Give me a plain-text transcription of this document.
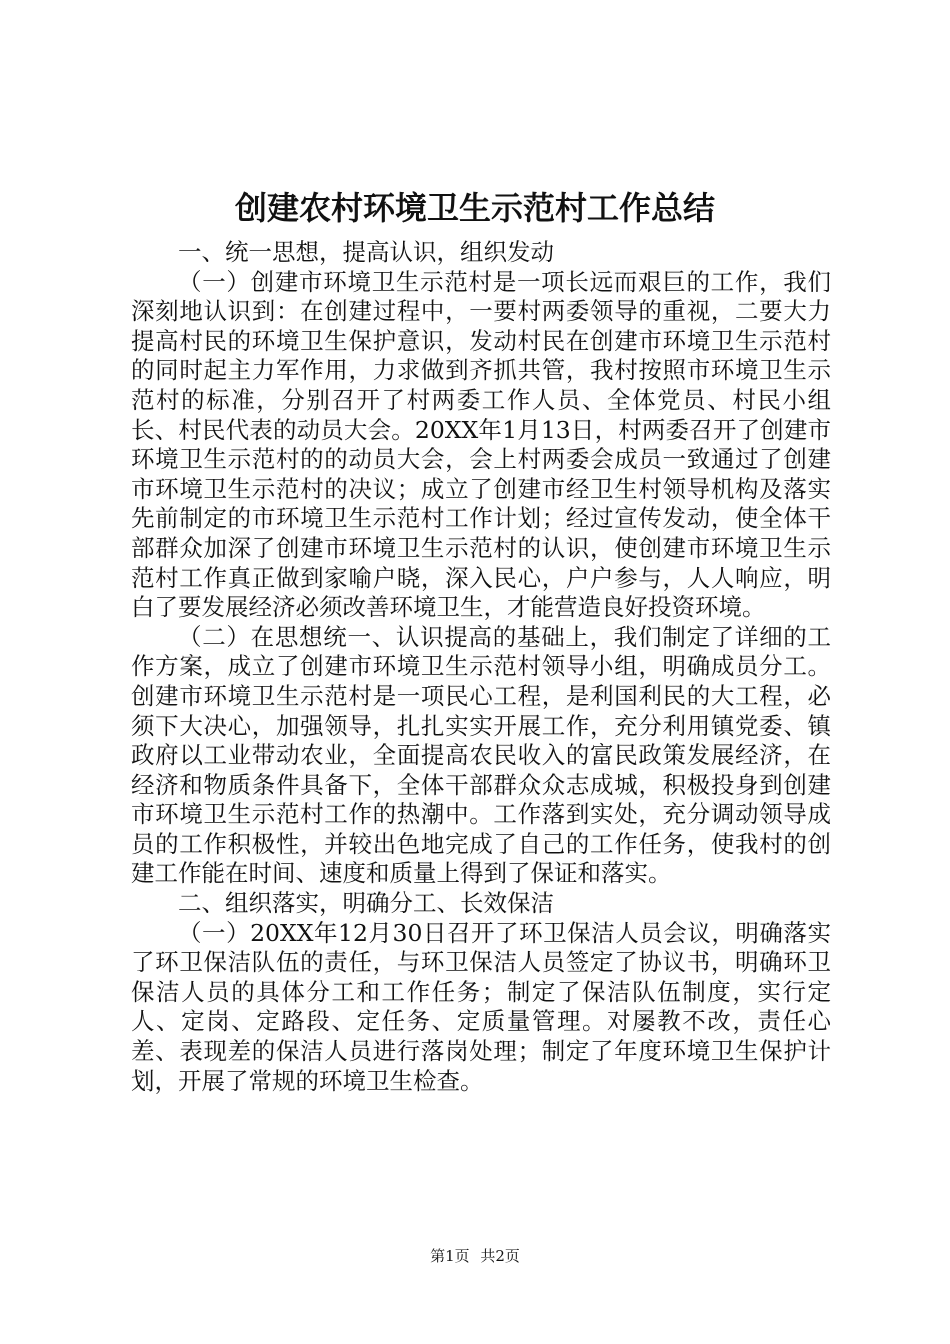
创建农村环境卫生示范村工作总结

一、统一思想，提高认识，组织发动

（一）创建市环境卫生示范村是一项长远而艰巨的工作，我们深刻地认识到：在创建过程中，一要村两委领导的重视，二要大力提高村民的环境卫生保护意识，发动村民在创建市环境卫生示范村的同时起主力军作用，力求做到齐抓共管，我村按照市环境卫生示范村的标准，分别召开了村两委工作人员、全体党员、村民小组长、村民代表的动员大会。20XX年1月13日，村两委召开了创建市环境卫生示范村的的动员大会，会上村两委会成员一致通过了创建市环境卫生示范村的决议；成立了创建市经卫生村领导机构及落实先前制定的市环境卫生示范村工作计划；经过宣传发动，使全体干部群众加深了创建市环境卫生示范村的认识，使创建市环境卫生示范村工作真正做到家喻户晓，深入民心，户户参与，人人响应，明白了要发展经济必须改善环境卫生，才能营造良好投资环境。

（二）在思想统一、认识提高的基础上，我们制定了详细的工作方案，成立了创建市环境卫生示范村领导小组，明确成员分工。创建市环境卫生示范村是一项民心工程，是利国利民的大工程，必须下大决心，加强领导，扎扎实实开展工作，充分利用镇党委、镇政府以工业带动农业，全面提高农民收入的富民政策发展经济，在经济和物质条件具备下，全体干部群众众志成城，积极投身到创建市环境卫生示范村工作的热潮中。工作落到实处，充分调动领导成员的工作积极性，并较出色地完成了自己的工作任务，使我村的创建工作能在时间、速度和质量上得到了保证和落实。

二、组织落实，明确分工、长效保洁

（一）20XX年12月30日召开了环卫保洁人员会议，明确落实了环卫保洁队伍的责任，与环卫保洁人员签定了协议书，明确环卫保洁人员的具体分工和工作任务；制定了保洁队伍制度，实行定人、定岗、定路段、定任务、定质量管理。对屡教不改，责任心差、表现差的保洁人员进行落岗处理；制定了年度环境卫生保护计划，开展了常规的环境卫生检查。

第1页 共2页
